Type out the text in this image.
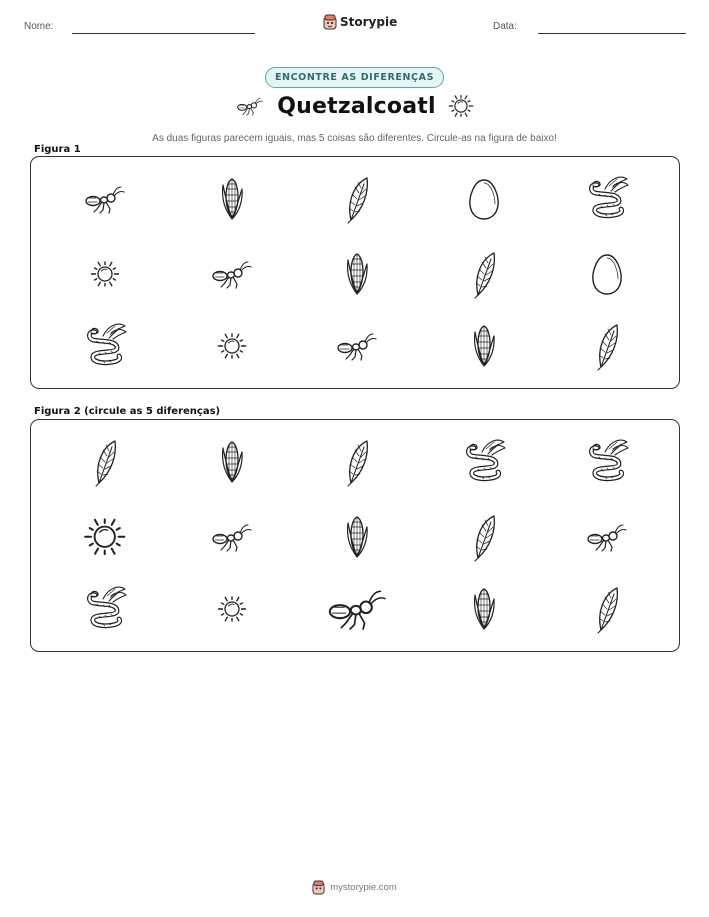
Nome:	Storypie	Data:
ENCONTRE AS DIFERENÇAS
Quetzalcoatl
As duas figuras parecem iguais, mas 5 coisas são diferentes. Circule-as na figura de baixo!
Figura 1
Figura 2 (circule as 5 diferenças)
mystorypie.com
